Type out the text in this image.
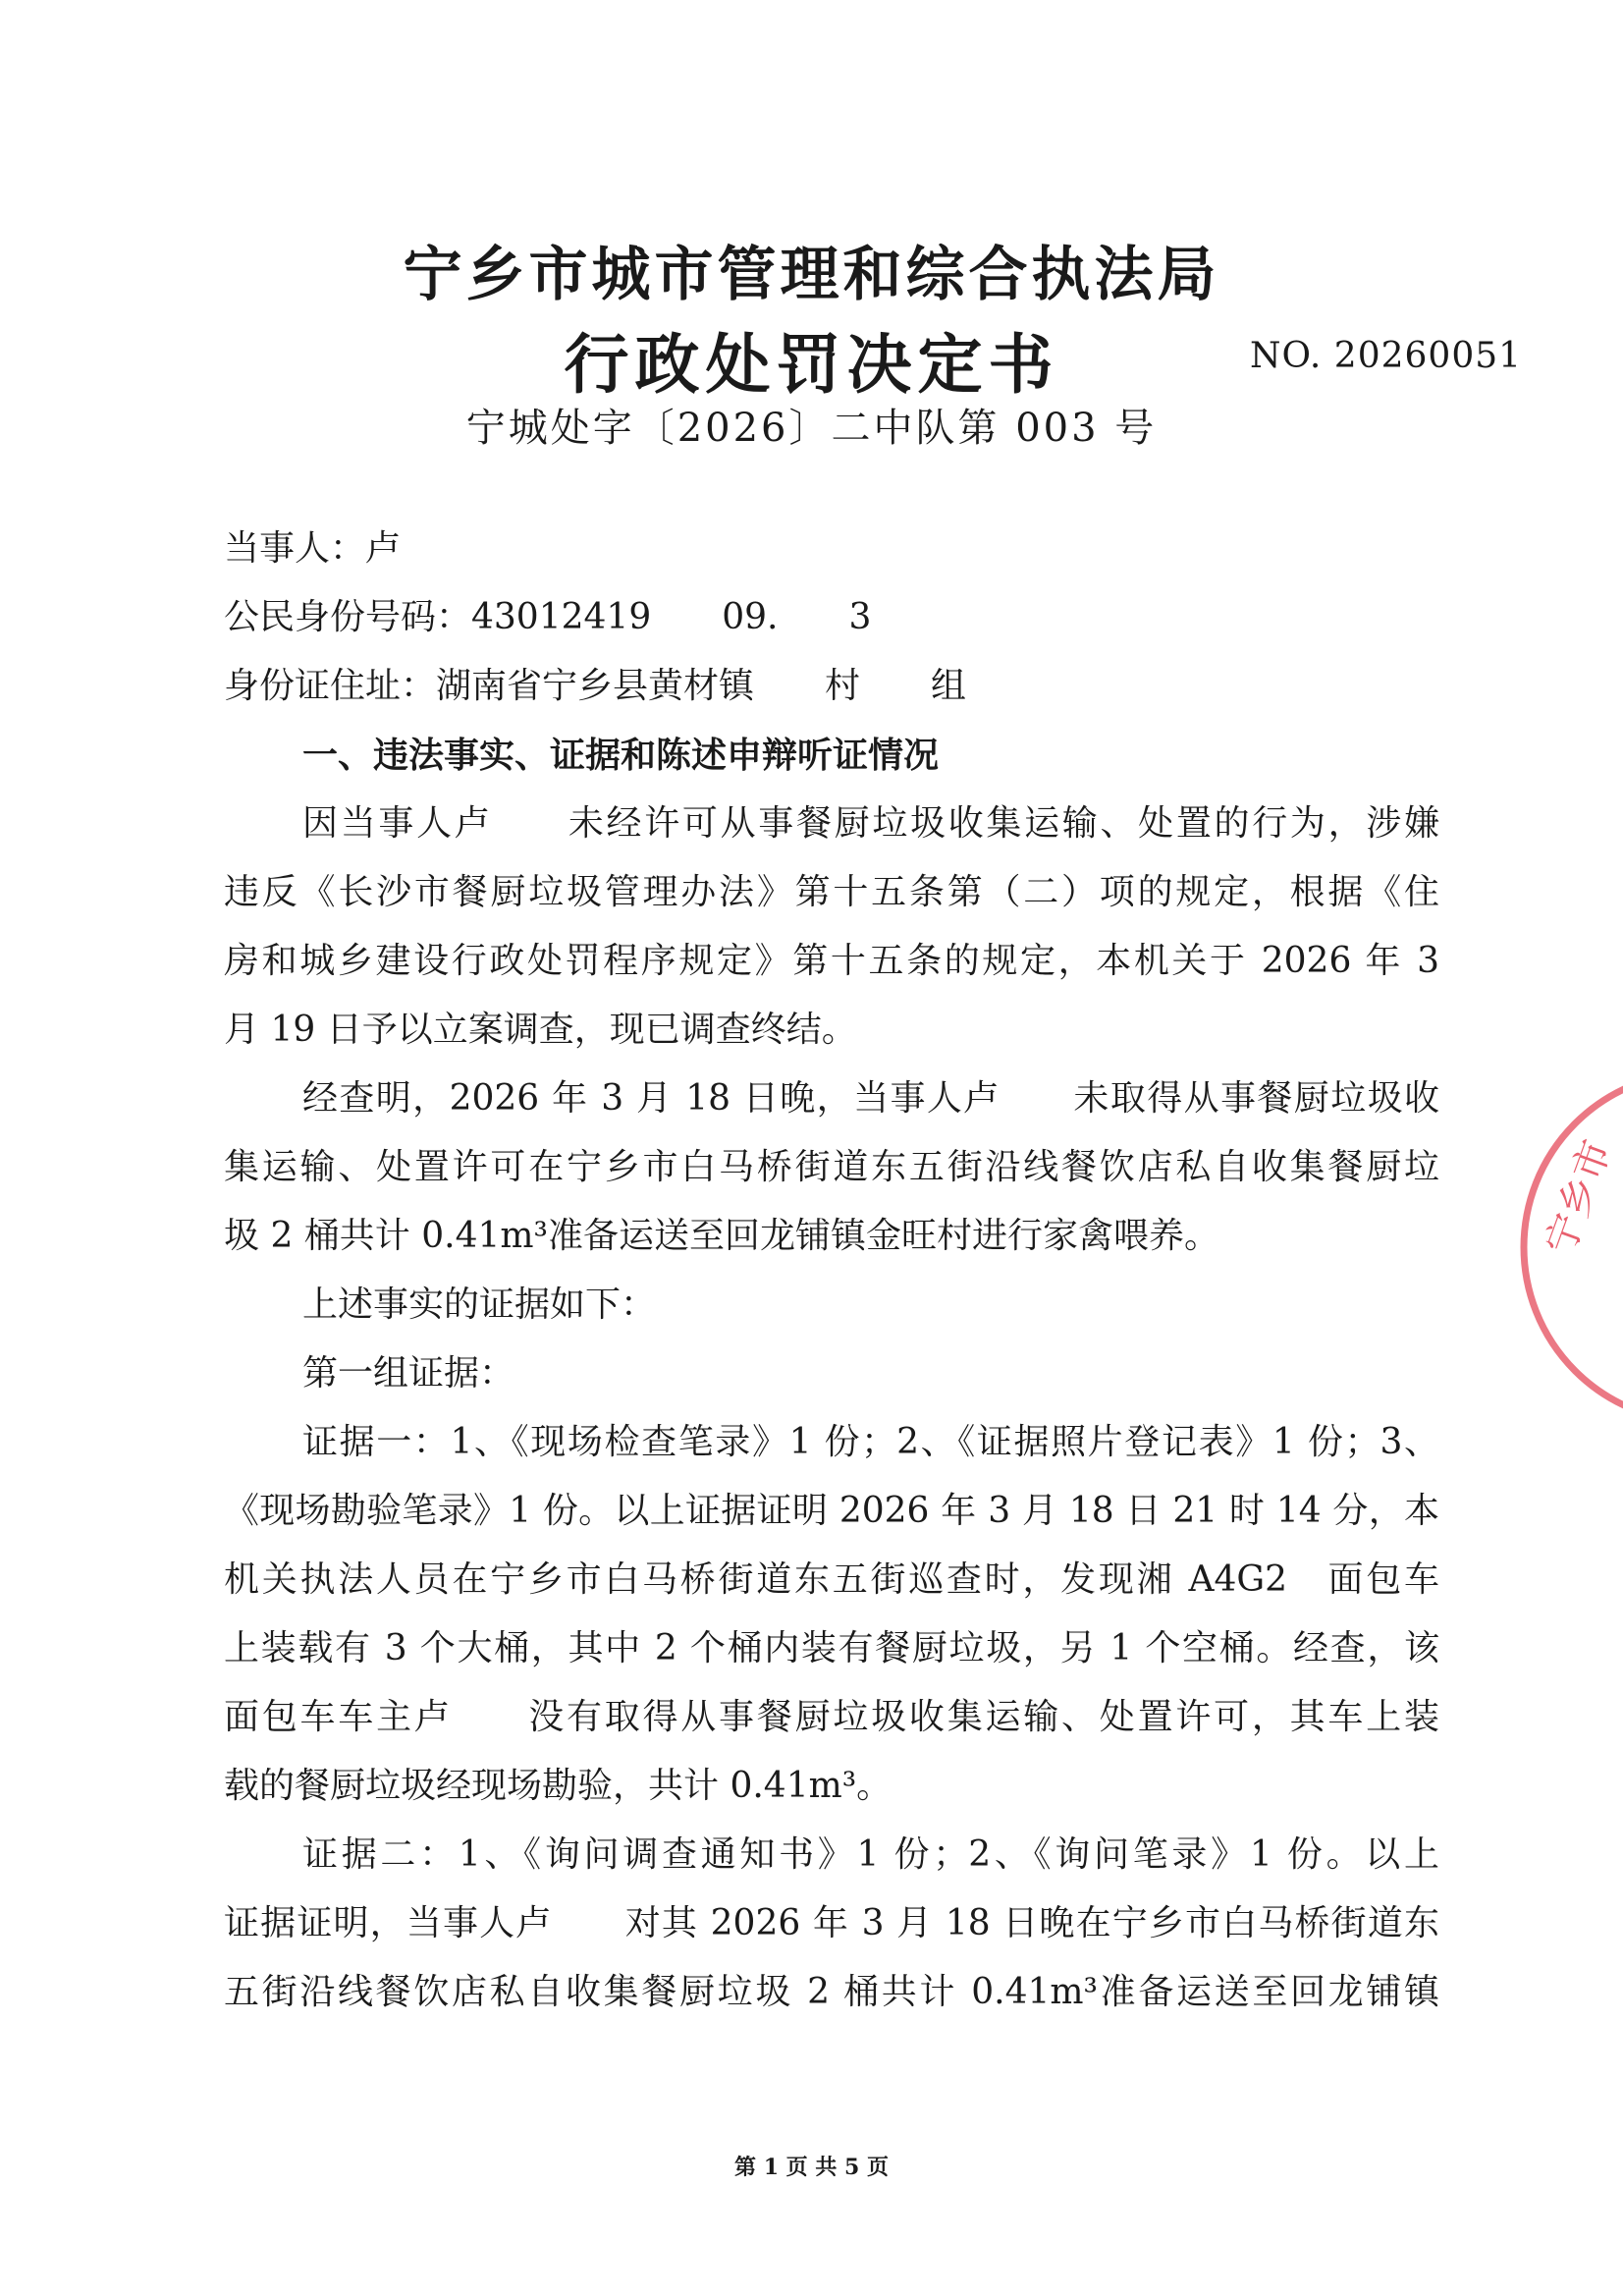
宁乡市城市管理和综合执法局
行政处罚决定书	NO. 20260051
宁城处字〔2026〕二中队第 003 号
当事人：卢
公民身份号码：43012419　　09.　　3　
身份证住址：湖南省宁乡县黄材镇　　村　　组
一、违法事实、证据和陈述申辩听证情况
因当事人卢　　未经许可从事餐厨垃圾收集运输、处置的行为，涉嫌
违反《长沙市餐厨垃圾管理办法》第十五条第（二）项的规定，根据《住
房和城乡建设行政处罚程序规定》第十五条的规定，本机关于 2026 年 3
月 19 日予以立案调查，现已调查终结。
经查明，2026 年 3 月 18 日晚，当事人卢　　未取得从事餐厨垃圾收
集运输、处置许可在宁乡市白马桥街道东五街沿线餐饮店私自收集餐厨垃
圾 2 桶共计 0.41m³准备运送至回龙铺镇金旺村进行家禽喂养。
上述事实的证据如下：
第一组证据：
证据一：1、《现场检查笔录》1 份；2、《证据照片登记表》1 份；3、
《现场勘验笔录》1 份。以上证据证明 2026 年 3 月 18 日 21 时 14 分，本
机关执法人员在宁乡市白马桥街道东五街巡查时，发现湘 A4G2　面包车
上装载有 3 个大桶，其中 2 个桶内装有餐厨垃圾，另 1 个空桶。经查，该
面包车车主卢　　没有取得从事餐厨垃圾收集运输、处置许可，其车上装
载的餐厨垃圾经现场勘验，共计 0.41m³。
证据二：1、《询问调查通知书》1 份；2、《询问笔录》1 份。以上
证据证明，当事人卢　　对其 2026 年 3 月 18 日晚在宁乡市白马桥街道东
五街沿线餐饮店私自收集餐厨垃圾 2 桶共计 0.41m³准备运送至回龙铺镇
宁乡市
第 1 页 共 5 页
